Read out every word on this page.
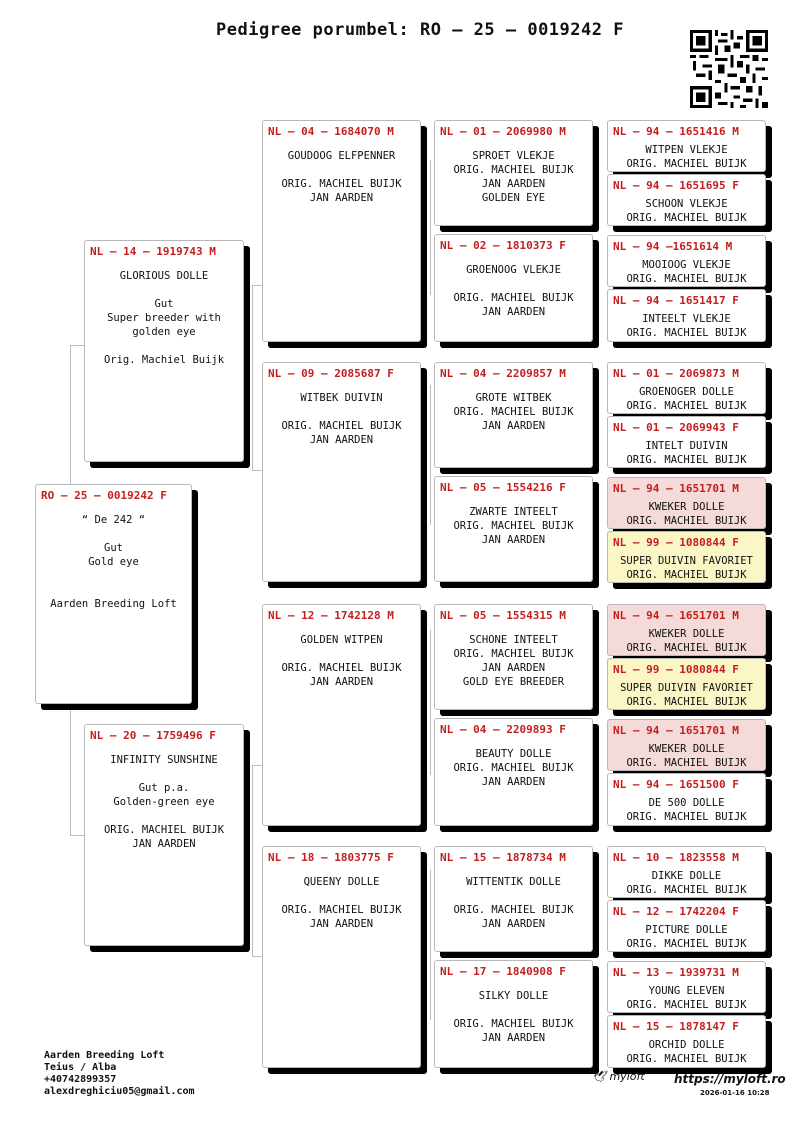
Pedigree porumbel: RO – 25 – 0019242 F
RO – 25 – 0019242 F
“ De 242 “
Gut
Gold eye
Aarden Breeding Loft
NL – 14 – 1919743 M
GLORIOUS DOLLE
Gut
Super breeder with
golden eye
Orig. Machiel Buijk
NL – 20 – 1759496 F
INFINITY SUNSHINE
Gut p.a.
Golden-green eye
ORIG. MACHIEL BUIJK
JAN AARDEN
NL – 04 – 1684070 M
GOUDOOG ELFPENNER
ORIG. MACHIEL BUIJK
JAN AARDEN
NL – 09 – 2085687 F
WITBEK DUIVIN
ORIG. MACHIEL BUIJK
JAN AARDEN
NL – 12 – 1742128 M
GOLDEN WITPEN
ORIG. MACHIEL BUIJK
JAN AARDEN
NL – 18 – 1803775 F
QUEENY DOLLE
ORIG. MACHIEL BUIJK
JAN AARDEN
NL – 01 – 2069980 M
SPROET VLEKJE
ORIG. MACHIEL BUIJK
JAN AARDEN
GOLDEN EYE
NL – 02 – 1810373 F
GROENOOG VLEKJE
ORIG. MACHIEL BUIJK
JAN AARDEN
NL – 04 – 2209857 M
GROTE WITBEK
ORIG. MACHIEL BUIJK
JAN AARDEN
NL – 05 – 1554216 F
ZWARTE INTEELT
ORIG. MACHIEL BUIJK
JAN AARDEN
NL – 05 – 1554315 M
SCHONE INTEELT
ORIG. MACHIEL BUIJK
JAN AARDEN
GOLD EYE BREEDER
NL – 04 – 2209893 F
BEAUTY DOLLE
ORIG. MACHIEL BUIJK
JAN AARDEN
NL – 15 – 1878734 M
WITTENTIK DOLLE
ORIG. MACHIEL BUIJK
JAN AARDEN
NL – 17 – 1840908 F
SILKY DOLLE
ORIG. MACHIEL BUIJK
JAN AARDEN
NL – 94 – 1651416 M
WITPEN VLEKJE
ORIG. MACHIEL BUIJK
NL – 94 – 1651695 F
SCHOON VLEKJE
ORIG. MACHIEL BUIJK
NL – 94 –1651614 M
MOOIOOG VLEKJE
ORIG. MACHIEL BUIJK
NL – 94 – 1651417 F
INTEELT VLEKJE
ORIG. MACHIEL BUIJK
NL – 01 – 2069873 M
GROENOGER DOLLE
ORIG. MACHIEL BUIJK
NL – 01 – 2069943 F
INTELT DUIVIN
ORIG. MACHIEL BUIJK
NL – 94 – 1651701 M
KWEKER DOLLE
ORIG. MACHIEL BUIJK
NL – 99 – 1080844 F
SUPER DUIVIN FAVORIET
ORIG. MACHIEL BUIJK
NL – 94 – 1651701 M
KWEKER DOLLE
ORIG. MACHIEL BUIJK
NL – 99 – 1080844 F
SUPER DUIVIN FAVORIET
ORIG. MACHIEL BUIJK
NL – 94 – 1651701 M
KWEKER DOLLE
ORIG. MACHIEL BUIJK
NL – 94 – 1651500 F
DE 500 DOLLE
ORIG. MACHIEL BUIJK
NL – 10 – 1823558 M
DIKKE DOLLE
ORIG. MACHIEL BUIJK
NL – 12 – 1742204 F
PICTURE DOLLE
ORIG. MACHIEL BUIJK
NL – 13 – 1939731 M
YOUNG ELEVEN
ORIG. MACHIEL BUIJK
NL – 15 – 1878147 F
ORCHID DOLLE
ORIG. MACHIEL BUIJK
Aarden Breeding Loft
Teius / Alba
+40742899357
alexdreghiciu05@gmail.com
🕊 myloft https://myloft.ro
2026-01-16 10:28
